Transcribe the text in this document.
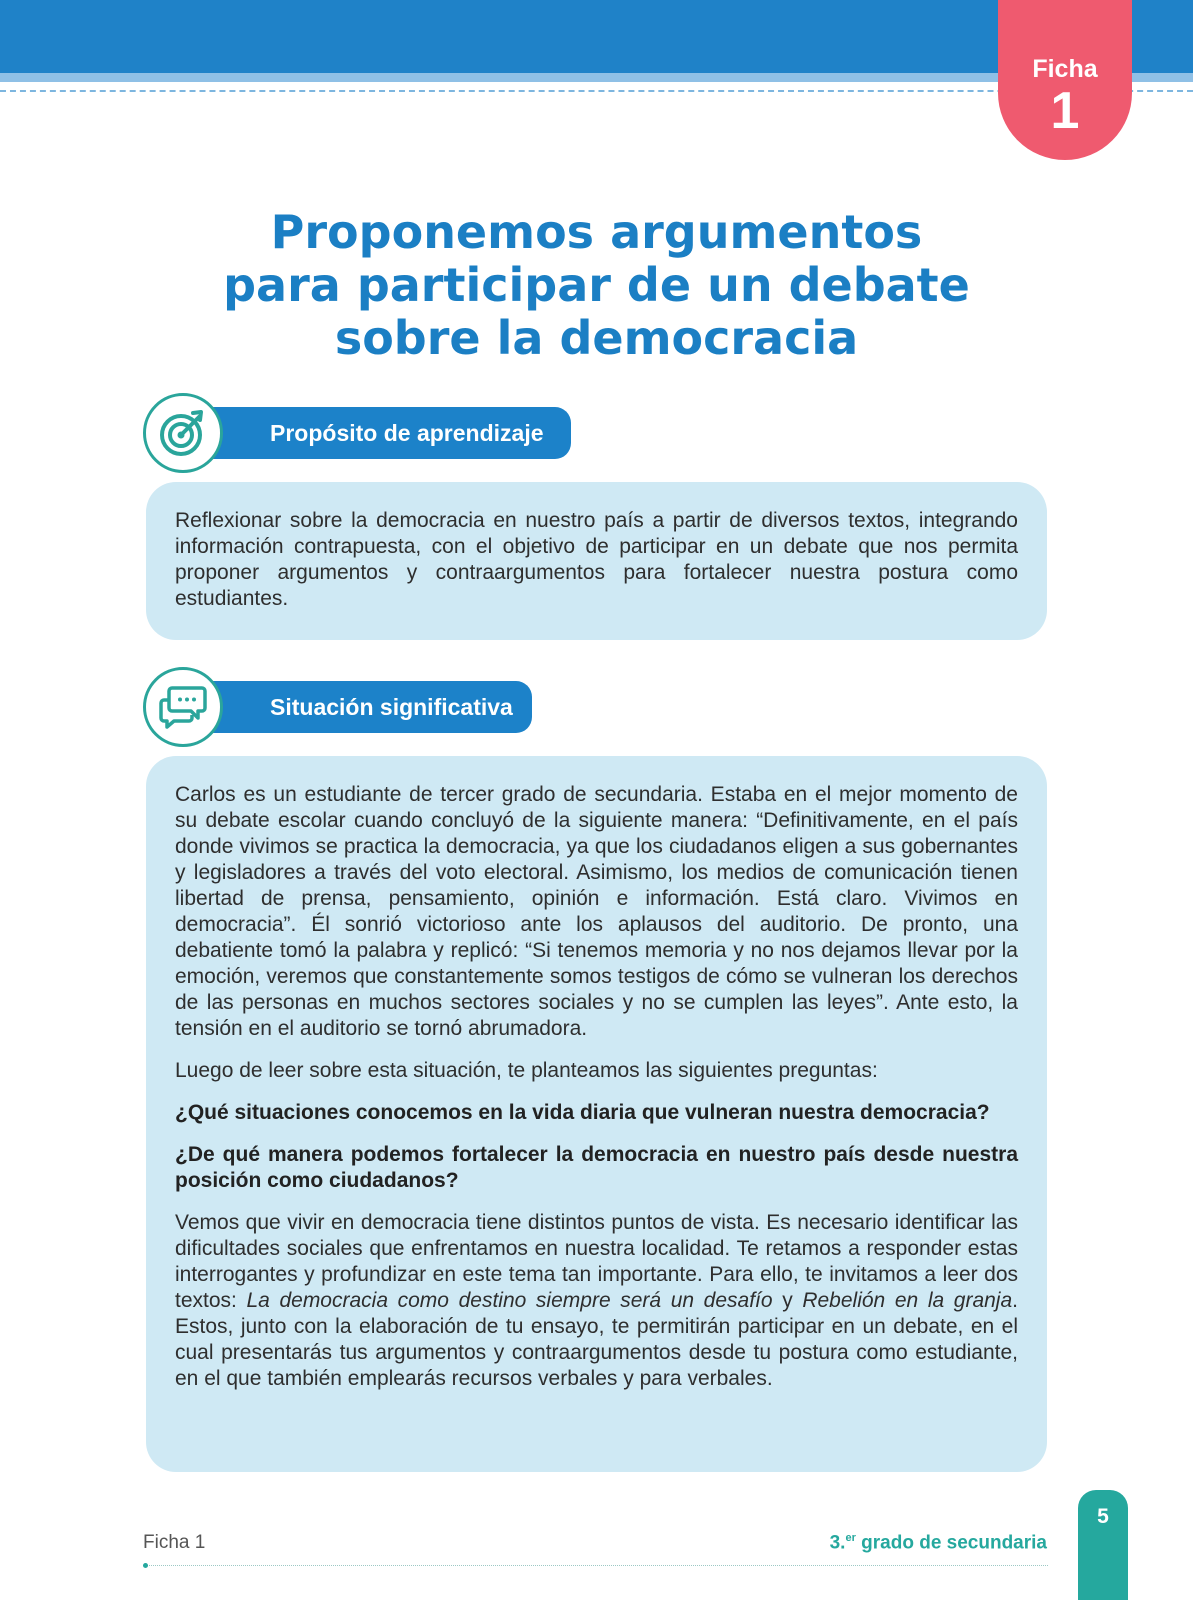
Ficha
1
Proponemos argumentos
para participar de un debate
sobre la democracia
Propósito de aprendizaje

Reflexionar sobre la democracia en nuestro país a partir de diversos textos, integrando información contrapuesta, con el objetivo de participar en un debate que nos permita proponer argumentos y contraargumentos para fortalecer nuestra postura como estudiantes.

Situación significativa

Carlos es un estudiante de tercer grado de secundaria. Estaba en el mejor momento de su debate escolar cuando concluyó de la siguiente manera: “Definitivamente, en el país donde vivimos se practica la democracia, ya que los ciudadanos eligen a sus gobernantes y legisladores a través del voto electoral. Asimismo, los medios de comunicación tienen libertad de prensa, pensamiento, opinión e información. Está claro. Vivimos en democracia”. Él sonrió victorioso ante los aplausos del auditorio. De pronto, una debatiente tomó la palabra y replicó: “Si tenemos memoria y no nos dejamos llevar por la emoción, veremos que constantemente somos testigos de cómo se vulneran los derechos de las personas en muchos sectores sociales y no se cumplen las leyes”. Ante esto, la tensión en el auditorio se tornó abrumadora.

Luego de leer sobre esta situación, te planteamos las siguientes preguntas:

¿Qué situaciones conocemos en la vida diaria que vulneran nuestra democracia?

¿De qué manera podemos fortalecer la democracia en nuestro país desde nuestra posición como ciudadanos?

Vemos que vivir en democracia tiene distintos puntos de vista. Es necesario identificar las dificultades sociales que enfrentamos en nuestra localidad. Te retamos a responder estas interrogantes y profundizar en este tema tan importante. Para ello, te invitamos a leer dos textos: La democracia como destino siempre será un desafío y Rebelión en la granja. Estos, junto con la elaboración de tu ensayo, te permitirán participar en un debate, en el cual presentarás tus argumentos y contraargumentos desde tu postura como estudiante, en el que también emplearás recursos verbales y para verbales.

Ficha 1	3.$^{er}$ grado de secundaria
5
